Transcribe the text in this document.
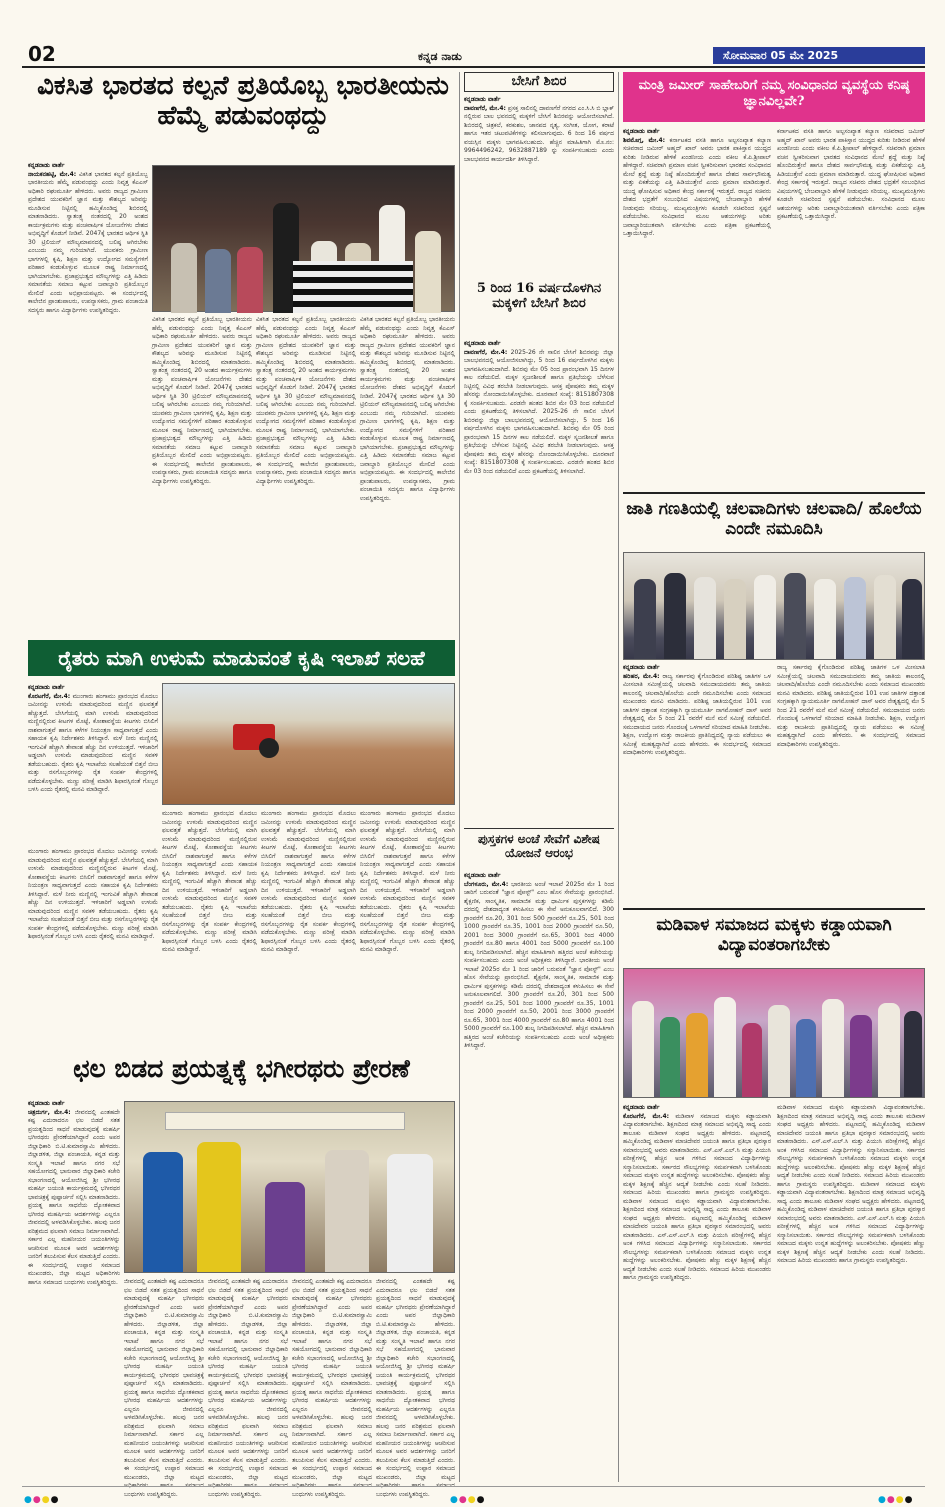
02	ಕನ್ನಡ ನಾಡು	ಸೋಮವಾರ 05 ಮೇ 2025
ವಿಕಸಿತ ಭಾರತದ ಕಲ್ಪನೆ ಪ್ರತಿಯೊಬ್ಬ ಭಾರತೀಯನು ಹೆಮ್ಮೆ ಪಡುವಂಥದ್ದು
ಕನ್ನಡನಾಡು ವಾರ್ತೆ
ನಾಯಕನಹಟ್ಟಿ, ಮೇ.4: ವಿಕಸಿತ ಭಾರತದ ಕಲ್ಪನೆ ಪ್ರತಿಯೊಬ್ಬ ಭಾರತೀಯನು ಹೆಮ್ಮೆ ಪಡುವಂಥದ್ದು ಎಂದು ನಿವೃತ್ತ ಕೆಎಎಸ್ ಅಧಿಕಾರಿ ರಘುಮೂರ್ತಿ ಹೇಳಿದರು. ಅವರು ರಾಜ್ಯದ ಗ್ರಾಮೀಣ ಪ್ರದೇಶದ ಯುವಕರಿಗೆ ಜ್ಞಾನ ಮತ್ತು ಕೌಶಲ್ಯದ ಅರಿವನ್ನು ಮೂಡಿಸುವ ನಿಟ್ಟಿನಲ್ಲಿ ಹಮ್ಮಿಕೊಂಡಿದ್ದ ಶಿಬಿರದಲ್ಲಿ ಮಾತನಾಡಿದರು. ಸ್ವಾತಂತ್ರ್ಯ ನಂತರದಲ್ಲಿ 20 ಅಂಶದ ಕಾರ್ಯಕ್ರಮಗಳು ಮತ್ತು ಪಂಚವಾರ್ಷಿಕ ಯೋಜನೆಗಳು ದೇಶದ ಅಭಿವೃದ್ಧಿಗೆ ಕೊಡುಗೆ ನೀಡಿವೆ. 2047ಕ್ಕೆ ಭಾರತದ ಆರ್ಥಿಕ ಸ್ಥಿತಿ 30 ಟ್ರಿಲಿಯನ್ ಮೌಲ್ಯಮಾಪನದಲ್ಲಿ ಬಲಿಷ್ಠ ಆಗಿರಬೇಕು ಎಂಬುದು ನಮ್ಮ ಗುರಿಯಾಗಿದೆ. ಯುವಕರು ಗ್ರಾಮೀಣ ಭಾಗಗಳಲ್ಲಿ ಕೃಷಿ, ಶಿಕ್ಷಣ ಮತ್ತು ಉದ್ಯೋಗದ ಸಮಸ್ಯೆಗಳಿಗೆ ಪರಿಹಾರ ಕಂಡುಕೊಳ್ಳುವ ಮೂಲಕ ರಾಷ್ಟ್ರ ನಿರ್ಮಾಣದಲ್ಲಿ ಭಾಗಿಯಾಗಬೇಕು. ಪ್ರಜಾಪ್ರಭುತ್ವದ ಮೌಲ್ಯಗಳನ್ನು ಎತ್ತಿ ಹಿಡಿದು ಸಮಾನತೆಯ ಸಮಾಜ ಕಟ್ಟುವ ಜವಾಬ್ದಾರಿ ಪ್ರತಿಯೊಬ್ಬರ ಮೇಲಿದೆ ಎಂದು ಅಭಿಪ್ರಾಯಪಟ್ಟರು. ಈ ಸಂದರ್ಭದಲ್ಲಿ ಕಾಲೇಜಿನ ಪ್ರಾಂಶುಪಾಲರು, ಉಪನ್ಯಾಸಕರು, ಗ್ರಾಮ ಪಂಚಾಯಿತಿ ಸದಸ್ಯರು ಹಾಗೂ ವಿದ್ಯಾರ್ಥಿಗಳು ಉಪಸ್ಥಿತರಿದ್ದರು.
ವಿಕಸಿತ ಭಾರತದ ಕಲ್ಪನೆ ಪ್ರತಿಯೊಬ್ಬ ಭಾರತೀಯನು ಹೆಮ್ಮೆ ಪಡುವಂಥದ್ದು ಎಂದು ನಿವೃತ್ತ ಕೆಎಎಸ್ ಅಧಿಕಾರಿ ರಘುಮೂರ್ತಿ ಹೇಳಿದರು. ಅವರು ರಾಜ್ಯದ ಗ್ರಾಮೀಣ ಪ್ರದೇಶದ ಯುವಕರಿಗೆ ಜ್ಞಾನ ಮತ್ತು ಕೌಶಲ್ಯದ ಅರಿವನ್ನು ಮೂಡಿಸುವ ನಿಟ್ಟಿನಲ್ಲಿ ಹಮ್ಮಿಕೊಂಡಿದ್ದ ಶಿಬಿರದಲ್ಲಿ ಮಾತನಾಡಿದರು. ಸ್ವಾತಂತ್ರ್ಯ ನಂತರದಲ್ಲಿ 20 ಅಂಶದ ಕಾರ್ಯಕ್ರಮಗಳು ಮತ್ತು ಪಂಚವಾರ್ಷಿಕ ಯೋಜನೆಗಳು ದೇಶದ ಅಭಿವೃದ್ಧಿಗೆ ಕೊಡುಗೆ ನೀಡಿವೆ. 2047ಕ್ಕೆ ಭಾರತದ ಆರ್ಥಿಕ ಸ್ಥಿತಿ 30 ಟ್ರಿಲಿಯನ್ ಮೌಲ್ಯಮಾಪನದಲ್ಲಿ ಬಲಿಷ್ಠ ಆಗಿರಬೇಕು ಎಂಬುದು ನಮ್ಮ ಗುರಿಯಾಗಿದೆ. ಯುವಕರು ಗ್ರಾಮೀಣ ಭಾಗಗಳಲ್ಲಿ ಕೃಷಿ, ಶಿಕ್ಷಣ ಮತ್ತು ಉದ್ಯೋಗದ ಸಮಸ್ಯೆಗಳಿಗೆ ಪರಿಹಾರ ಕಂಡುಕೊಳ್ಳುವ ಮೂಲಕ ರಾಷ್ಟ್ರ ನಿರ್ಮಾಣದಲ್ಲಿ ಭಾಗಿಯಾಗಬೇಕು. ಪ್ರಜಾಪ್ರಭುತ್ವದ ಮೌಲ್ಯಗಳನ್ನು ಎತ್ತಿ ಹಿಡಿದು ಸಮಾನತೆಯ ಸಮಾಜ ಕಟ್ಟುವ ಜವಾಬ್ದಾರಿ ಪ್ರತಿಯೊಬ್ಬರ ಮೇಲಿದೆ ಎಂದು ಅಭಿಪ್ರಾಯಪಟ್ಟರು. ಈ ಸಂದರ್ಭದಲ್ಲಿ ಕಾಲೇಜಿನ ಪ್ರಾಂಶುಪಾಲರು, ಉಪನ್ಯಾಸಕರು, ಗ್ರಾಮ ಪಂಚಾಯಿತಿ ಸದಸ್ಯರು ಹಾಗೂ ವಿದ್ಯಾರ್ಥಿಗಳು ಉಪಸ್ಥಿತರಿದ್ದರು.
ವಿಕಸಿತ ಭಾರತದ ಕಲ್ಪನೆ ಪ್ರತಿಯೊಬ್ಬ ಭಾರತೀಯನು ಹೆಮ್ಮೆ ಪಡುವಂಥದ್ದು ಎಂದು ನಿವೃತ್ತ ಕೆಎಎಸ್ ಅಧಿಕಾರಿ ರಘುಮೂರ್ತಿ ಹೇಳಿದರು. ಅವರು ರಾಜ್ಯದ ಗ್ರಾಮೀಣ ಪ್ರದೇಶದ ಯುವಕರಿಗೆ ಜ್ಞಾನ ಮತ್ತು ಕೌಶಲ್ಯದ ಅರಿವನ್ನು ಮೂಡಿಸುವ ನಿಟ್ಟಿನಲ್ಲಿ ಹಮ್ಮಿಕೊಂಡಿದ್ದ ಶಿಬಿರದಲ್ಲಿ ಮಾತನಾಡಿದರು. ಸ್ವಾತಂತ್ರ್ಯ ನಂತರದಲ್ಲಿ 20 ಅಂಶದ ಕಾರ್ಯಕ್ರಮಗಳು ಮತ್ತು ಪಂಚವಾರ್ಷಿಕ ಯೋಜನೆಗಳು ದೇಶದ ಅಭಿವೃದ್ಧಿಗೆ ಕೊಡುಗೆ ನೀಡಿವೆ. 2047ಕ್ಕೆ ಭಾರತದ ಆರ್ಥಿಕ ಸ್ಥಿತಿ 30 ಟ್ರಿಲಿಯನ್ ಮೌಲ್ಯಮಾಪನದಲ್ಲಿ ಬಲಿಷ್ಠ ಆಗಿರಬೇಕು ಎಂಬುದು ನಮ್ಮ ಗುರಿಯಾಗಿದೆ. ಯುವಕರು ಗ್ರಾಮೀಣ ಭಾಗಗಳಲ್ಲಿ ಕೃಷಿ, ಶಿಕ್ಷಣ ಮತ್ತು ಉದ್ಯೋಗದ ಸಮಸ್ಯೆಗಳಿಗೆ ಪರಿಹಾರ ಕಂಡುಕೊಳ್ಳುವ ಮೂಲಕ ರಾಷ್ಟ್ರ ನಿರ್ಮಾಣದಲ್ಲಿ ಭಾಗಿಯಾಗಬೇಕು. ಪ್ರಜಾಪ್ರಭುತ್ವದ ಮೌಲ್ಯಗಳನ್ನು ಎತ್ತಿ ಹಿಡಿದು ಸಮಾನತೆಯ ಸಮಾಜ ಕಟ್ಟುವ ಜವಾಬ್ದಾರಿ ಪ್ರತಿಯೊಬ್ಬರ ಮೇಲಿದೆ ಎಂದು ಅಭಿಪ್ರಾಯಪಟ್ಟರು. ಈ ಸಂದರ್ಭದಲ್ಲಿ ಕಾಲೇಜಿನ ಪ್ರಾಂಶುಪಾಲರು, ಉಪನ್ಯಾಸಕರು, ಗ್ರಾಮ ಪಂಚಾಯಿತಿ ಸದಸ್ಯರು ಹಾಗೂ ವಿದ್ಯಾರ್ಥಿಗಳು ಉಪಸ್ಥಿತರಿದ್ದರು.
ವಿಕಸಿತ ಭಾರತದ ಕಲ್ಪನೆ ಪ್ರತಿಯೊಬ್ಬ ಭಾರತೀಯನು ಹೆಮ್ಮೆ ಪಡುವಂಥದ್ದು ಎಂದು ನಿವೃತ್ತ ಕೆಎಎಸ್ ಅಧಿಕಾರಿ ರಘುಮೂರ್ತಿ ಹೇಳಿದರು. ಅವರು ರಾಜ್ಯದ ಗ್ರಾಮೀಣ ಪ್ರದೇಶದ ಯುವಕರಿಗೆ ಜ್ಞಾನ ಮತ್ತು ಕೌಶಲ್ಯದ ಅರಿವನ್ನು ಮೂಡಿಸುವ ನಿಟ್ಟಿನಲ್ಲಿ ಹಮ್ಮಿಕೊಂಡಿದ್ದ ಶಿಬಿರದಲ್ಲಿ ಮಾತನಾಡಿದರು. ಸ್ವಾತಂತ್ರ್ಯ ನಂತರದಲ್ಲಿ 20 ಅಂಶದ ಕಾರ್ಯಕ್ರಮಗಳು ಮತ್ತು ಪಂಚವಾರ್ಷಿಕ ಯೋಜನೆಗಳು ದೇಶದ ಅಭಿವೃದ್ಧಿಗೆ ಕೊಡುಗೆ ನೀಡಿವೆ. 2047ಕ್ಕೆ ಭಾರತದ ಆರ್ಥಿಕ ಸ್ಥಿತಿ 30 ಟ್ರಿಲಿಯನ್ ಮೌಲ್ಯಮಾಪನದಲ್ಲಿ ಬಲಿಷ್ಠ ಆಗಿರಬೇಕು ಎಂಬುದು ನಮ್ಮ ಗುರಿಯಾಗಿದೆ. ಯುವಕರು ಗ್ರಾಮೀಣ ಭಾಗಗಳಲ್ಲಿ ಕೃಷಿ, ಶಿಕ್ಷಣ ಮತ್ತು ಉದ್ಯೋಗದ ಸಮಸ್ಯೆಗಳಿಗೆ ಪರಿಹಾರ ಕಂಡುಕೊಳ್ಳುವ ಮೂಲಕ ರಾಷ್ಟ್ರ ನಿರ್ಮಾಣದಲ್ಲಿ ಭಾಗಿಯಾಗಬೇಕು. ಪ್ರಜಾಪ್ರಭುತ್ವದ ಮೌಲ್ಯಗಳನ್ನು ಎತ್ತಿ ಹಿಡಿದು ಸಮಾನತೆಯ ಸಮಾಜ ಕಟ್ಟುವ ಜವಾಬ್ದಾರಿ ಪ್ರತಿಯೊಬ್ಬರ ಮೇಲಿದೆ ಎಂದು ಅಭಿಪ್ರಾಯಪಟ್ಟರು. ಈ ಸಂದರ್ಭದಲ್ಲಿ ಕಾಲೇಜಿನ ಪ್ರಾಂಶುಪಾಲರು, ಉಪನ್ಯಾಸಕರು, ಗ್ರಾಮ ಪಂಚಾಯಿತಿ ಸದಸ್ಯರು ಹಾಗೂ ವಿದ್ಯಾರ್ಥಿಗಳು ಉಪಸ್ಥಿತರಿದ್ದರು.
ರೈತರು ಮಾಗಿ ಉಳುಮೆ ಮಾಡುವಂತೆ ಕೃಷಿ ಇಲಾಖೆ ಸಲಹೆ
ಕನ್ನಡನಾಡು ವಾರ್ತೆ
ಕೊರಟಗೆರೆ, ಮೇ.4: ಮುಂಗಾರು ಹಂಗಾಮು ಪ್ರಾರಂಭದ ಮೊದಲು ಜಮೀನನ್ನು ಉಳುಮೆ ಮಾಡುವುದರಿಂದ ಮಣ್ಣಿನ ಫಲವತ್ತತೆ ಹೆಚ್ಚುತ್ತದೆ. ಬೇಸಿಗೆಯಲ್ಲಿ ಮಾಗಿ ಉಳುಮೆ ಮಾಡುವುದರಿಂದ ಮಣ್ಣಿನಲ್ಲಿರುವ ಕೀಟಗಳ ಮೊಟ್ಟೆ, ಕೋಶಾವಸ್ಥೆಯ ಕೀಟಗಳು ಬಿಸಿಲಿಗೆ ನಾಶವಾಗುತ್ತವೆ ಹಾಗೂ ಕಳೆಗಳ ನಿಯಂತ್ರಣ ಸಾಧ್ಯವಾಗುತ್ತದೆ ಎಂದು ಸಹಾಯಕ ಕೃಷಿ ನಿರ್ದೇಶಕರು ತಿಳಿಸಿದ್ದಾರೆ. ಮಳೆ ನೀರು ಮಣ್ಣಿನಲ್ಲಿ ಇಂಗುವಿಕೆ ಹೆಚ್ಚಾಗಿ ತೇವಾಂಶ ಹೆಚ್ಚು ದಿನ ಉಳಿಯುತ್ತದೆ. ಇಳಿಜಾರಿಗೆ ಅಡ್ಡಲಾಗಿ ಉಳುಮೆ ಮಾಡುವುದರಿಂದ ಮಣ್ಣಿನ ಸವಕಳಿ ತಡೆಯಬಹುದು. ರೈತರು ಕೃಷಿ ಇಲಾಖೆಯ ಸಲಹೆಯಂತೆ ಬಿತ್ತನೆ ಬೀಜ ಮತ್ತು ರಸಗೊಬ್ಬರಗಳನ್ನು ರೈತ ಸಂಪರ್ಕ ಕೇಂದ್ರಗಳಲ್ಲಿ ಪಡೆದುಕೊಳ್ಳಬೇಕು. ಮಣ್ಣು ಪರೀಕ್ಷೆ ಮಾಡಿಸಿ ಶಿಫಾರಸ್ಸಿನಂತೆ ಗೊಬ್ಬರ ಬಳಸಿ ಎಂದು ರೈತರಲ್ಲಿ ಮನವಿ ಮಾಡಿದ್ದಾರೆ.
ಮುಂಗಾರು ಹಂಗಾಮು ಪ್ರಾರಂಭದ ಮೊದಲು ಜಮೀನನ್ನು ಉಳುಮೆ ಮಾಡುವುದರಿಂದ ಮಣ್ಣಿನ ಫಲವತ್ತತೆ ಹೆಚ್ಚುತ್ತದೆ. ಬೇಸಿಗೆಯಲ್ಲಿ ಮಾಗಿ ಉಳುಮೆ ಮಾಡುವುದರಿಂದ ಮಣ್ಣಿನಲ್ಲಿರುವ ಕೀಟಗಳ ಮೊಟ್ಟೆ, ಕೋಶಾವಸ್ಥೆಯ ಕೀಟಗಳು ಬಿಸಿಲಿಗೆ ನಾಶವಾಗುತ್ತವೆ ಹಾಗೂ ಕಳೆಗಳ ನಿಯಂತ್ರಣ ಸಾಧ್ಯವಾಗುತ್ತದೆ ಎಂದು ಸಹಾಯಕ ಕೃಷಿ ನಿರ್ದೇಶಕರು ತಿಳಿಸಿದ್ದಾರೆ. ಮಳೆ ನೀರು ಮಣ್ಣಿನಲ್ಲಿ ಇಂಗುವಿಕೆ ಹೆಚ್ಚಾಗಿ ತೇವಾಂಶ ಹೆಚ್ಚು ದಿನ ಉಳಿಯುತ್ತದೆ. ಇಳಿಜಾರಿಗೆ ಅಡ್ಡಲಾಗಿ ಉಳುಮೆ ಮಾಡುವುದರಿಂದ ಮಣ್ಣಿನ ಸವಕಳಿ ತಡೆಯಬಹುದು. ರೈತರು ಕೃಷಿ ಇಲಾಖೆಯ ಸಲಹೆಯಂತೆ ಬಿತ್ತನೆ ಬೀಜ ಮತ್ತು ರಸಗೊಬ್ಬರಗಳನ್ನು ರೈತ ಸಂಪರ್ಕ ಕೇಂದ್ರಗಳಲ್ಲಿ ಪಡೆದುಕೊಳ್ಳಬೇಕು. ಮಣ್ಣು ಪರೀಕ್ಷೆ ಮಾಡಿಸಿ ಶಿಫಾರಸ್ಸಿನಂತೆ ಗೊಬ್ಬರ ಬಳಸಿ ಎಂದು ರೈತರಲ್ಲಿ ಮನವಿ ಮಾಡಿದ್ದಾರೆ.
ಮುಂಗಾರು ಹಂಗಾಮು ಪ್ರಾರಂಭದ ಮೊದಲು ಜಮೀನನ್ನು ಉಳುಮೆ ಮಾಡುವುದರಿಂದ ಮಣ್ಣಿನ ಫಲವತ್ತತೆ ಹೆಚ್ಚುತ್ತದೆ. ಬೇಸಿಗೆಯಲ್ಲಿ ಮಾಗಿ ಉಳುಮೆ ಮಾಡುವುದರಿಂದ ಮಣ್ಣಿನಲ್ಲಿರುವ ಕೀಟಗಳ ಮೊಟ್ಟೆ, ಕೋಶಾವಸ್ಥೆಯ ಕೀಟಗಳು ಬಿಸಿಲಿಗೆ ನಾಶವಾಗುತ್ತವೆ ಹಾಗೂ ಕಳೆಗಳ ನಿಯಂತ್ರಣ ಸಾಧ್ಯವಾಗುತ್ತದೆ ಎಂದು ಸಹಾಯಕ ಕೃಷಿ ನಿರ್ದೇಶಕರು ತಿಳಿಸಿದ್ದಾರೆ. ಮಳೆ ನೀರು ಮಣ್ಣಿನಲ್ಲಿ ಇಂಗುವಿಕೆ ಹೆಚ್ಚಾಗಿ ತೇವಾಂಶ ಹೆಚ್ಚು ದಿನ ಉಳಿಯುತ್ತದೆ. ಇಳಿಜಾರಿಗೆ ಅಡ್ಡಲಾಗಿ ಉಳುಮೆ ಮಾಡುವುದರಿಂದ ಮಣ್ಣಿನ ಸವಕಳಿ ತಡೆಯಬಹುದು. ರೈತರು ಕೃಷಿ ಇಲಾಖೆಯ ಸಲಹೆಯಂತೆ ಬಿತ್ತನೆ ಬೀಜ ಮತ್ತು ರಸಗೊಬ್ಬರಗಳನ್ನು ರೈತ ಸಂಪರ್ಕ ಕೇಂದ್ರಗಳಲ್ಲಿ ಪಡೆದುಕೊಳ್ಳಬೇಕು. ಮಣ್ಣು ಪರೀಕ್ಷೆ ಮಾಡಿಸಿ ಶಿಫಾರಸ್ಸಿನಂತೆ ಗೊಬ್ಬರ ಬಳಸಿ ಎಂದು ರೈತರಲ್ಲಿ ಮನವಿ ಮಾಡಿದ್ದಾರೆ.
ಮುಂಗಾರು ಹಂಗಾಮು ಪ್ರಾರಂಭದ ಮೊದಲು ಜಮೀನನ್ನು ಉಳುಮೆ ಮಾಡುವುದರಿಂದ ಮಣ್ಣಿನ ಫಲವತ್ತತೆ ಹೆಚ್ಚುತ್ತದೆ. ಬೇಸಿಗೆಯಲ್ಲಿ ಮಾಗಿ ಉಳುಮೆ ಮಾಡುವುದರಿಂದ ಮಣ್ಣಿನಲ್ಲಿರುವ ಕೀಟಗಳ ಮೊಟ್ಟೆ, ಕೋಶಾವಸ್ಥೆಯ ಕೀಟಗಳು ಬಿಸಿಲಿಗೆ ನಾಶವಾಗುತ್ತವೆ ಹಾಗೂ ಕಳೆಗಳ ನಿಯಂತ್ರಣ ಸಾಧ್ಯವಾಗುತ್ತದೆ ಎಂದು ಸಹಾಯಕ ಕೃಷಿ ನಿರ್ದೇಶಕರು ತಿಳಿಸಿದ್ದಾರೆ. ಮಳೆ ನೀರು ಮಣ್ಣಿನಲ್ಲಿ ಇಂಗುವಿಕೆ ಹೆಚ್ಚಾಗಿ ತೇವಾಂಶ ಹೆಚ್ಚು ದಿನ ಉಳಿಯುತ್ತದೆ. ಇಳಿಜಾರಿಗೆ ಅಡ್ಡಲಾಗಿ ಉಳುಮೆ ಮಾಡುವುದರಿಂದ ಮಣ್ಣಿನ ಸವಕಳಿ ತಡೆಯಬಹುದು. ರೈತರು ಕೃಷಿ ಇಲಾಖೆಯ ಸಲಹೆಯಂತೆ ಬಿತ್ತನೆ ಬೀಜ ಮತ್ತು ರಸಗೊಬ್ಬರಗಳನ್ನು ರೈತ ಸಂಪರ್ಕ ಕೇಂದ್ರಗಳಲ್ಲಿ ಪಡೆದುಕೊಳ್ಳಬೇಕು. ಮಣ್ಣು ಪರೀಕ್ಷೆ ಮಾಡಿಸಿ ಶಿಫಾರಸ್ಸಿನಂತೆ ಗೊಬ್ಬರ ಬಳಸಿ ಎಂದು ರೈತರಲ್ಲಿ ಮನವಿ ಮಾಡಿದ್ದಾರೆ.
ಮುಂಗಾರು ಹಂಗಾಮು ಪ್ರಾರಂಭದ ಮೊದಲು ಜಮೀನನ್ನು ಉಳುಮೆ ಮಾಡುವುದರಿಂದ ಮಣ್ಣಿನ ಫಲವತ್ತತೆ ಹೆಚ್ಚುತ್ತದೆ. ಬೇಸಿಗೆಯಲ್ಲಿ ಮಾಗಿ ಉಳುಮೆ ಮಾಡುವುದರಿಂದ ಮಣ್ಣಿನಲ್ಲಿರುವ ಕೀಟಗಳ ಮೊಟ್ಟೆ, ಕೋಶಾವಸ್ಥೆಯ ಕೀಟಗಳು ಬಿಸಿಲಿಗೆ ನಾಶವಾಗುತ್ತವೆ ಹಾಗೂ ಕಳೆಗಳ ನಿಯಂತ್ರಣ ಸಾಧ್ಯವಾಗುತ್ತದೆ ಎಂದು ಸಹಾಯಕ ಕೃಷಿ ನಿರ್ದೇಶಕರು ತಿಳಿಸಿದ್ದಾರೆ. ಮಳೆ ನೀರು ಮಣ್ಣಿನಲ್ಲಿ ಇಂಗುವಿಕೆ ಹೆಚ್ಚಾಗಿ ತೇವಾಂಶ ಹೆಚ್ಚು ದಿನ ಉಳಿಯುತ್ತದೆ. ಇಳಿಜಾರಿಗೆ ಅಡ್ಡಲಾಗಿ ಉಳುಮೆ ಮಾಡುವುದರಿಂದ ಮಣ್ಣಿನ ಸವಕಳಿ ತಡೆಯಬಹುದು. ರೈತರು ಕೃಷಿ ಇಲಾಖೆಯ ಸಲಹೆಯಂತೆ ಬಿತ್ತನೆ ಬೀಜ ಮತ್ತು ರಸಗೊಬ್ಬರಗಳನ್ನು ರೈತ ಸಂಪರ್ಕ ಕೇಂದ್ರಗಳಲ್ಲಿ ಪಡೆದುಕೊಳ್ಳಬೇಕು. ಮಣ್ಣು ಪರೀಕ್ಷೆ ಮಾಡಿಸಿ ಶಿಫಾರಸ್ಸಿನಂತೆ ಗೊಬ್ಬರ ಬಳಸಿ ಎಂದು ರೈತರಲ್ಲಿ ಮನವಿ ಮಾಡಿದ್ದಾರೆ.
ಛಲ ಬಿಡದ ಪ್ರಯತ್ನಕ್ಕೆ ಭಗೀರಥರು ಪ್ರೇರಣೆ
ಕನ್ನಡನಾಡು ವಾರ್ತೆ
ಚಿತ್ರದುರ್ಗ, ಮೇ.4: ಜೀವನದಲ್ಲಿ ಎಂತಹದೇ ಕಷ್ಟ ಎದುರಾದರೂ ಛಲ ಬಿಡದೆ ಸತತ ಪ್ರಯತ್ನದಿಂದ ಸಾಧನೆ ಮಾಡುವುದಕ್ಕೆ ಮಹರ್ಷಿ ಭಗೀರಥರು ಪ್ರೇರಣೆಯಾಗಿದ್ದಾರೆ ಎಂದು ಅಪರ ಜಿಲ್ಲಾಧಿಕಾರಿ ಬಿ.ಟಿ.ಕುಮಾರಸ್ವಾಮಿ ಹೇಳಿದರು. ಜಿಲ್ಲಾಡಳಿತ, ಜಿಲ್ಲಾ ಪಂಚಾಯತಿ, ಕನ್ನಡ ಮತ್ತು ಸಂಸ್ಕೃತಿ ಇಲಾಖೆ ಹಾಗೂ ನಗರ ಸಭೆ ಸಹಯೋಗದಲ್ಲಿ ಭಾನುವಾರ ಜಿಲ್ಲಾಧಿಕಾರಿ ಕಚೇರಿ ಸಭಾಂಗಣದಲ್ಲಿ ಆಯೋಜಿಸಿದ್ದ ಶ್ರೀ ಭಗೀರಥ ಮಹರ್ಷಿ ಜಯಂತಿ ಕಾರ್ಯಕ್ರಮದಲ್ಲಿ ಭಗೀರಥರ ಭಾವಚಿತ್ರಕ್ಕೆ ಪುಷ್ಪಾರ್ಚನೆ ಸಲ್ಲಿಸಿ ಮಾತನಾಡಿದರು. ಪ್ರಯತ್ನ ಹಾಗೂ ಸಾಧನೆಯ ದ್ಯೋತಕವಾದ ಭಗೀರಥ ಮಹರ್ಷಿಯ ಆದರ್ಶಗಳನ್ನು ಎಲ್ಲರೂ ಜೀವನದಲ್ಲಿ ಅಳವಡಿಸಿಕೊಳ್ಳಬೇಕು. ಹಲವು ಜನರ ಪರಿಶ್ರಮದ ಫಲವಾಗಿ ಸಮಾಜ ನಿರ್ಮಾಣವಾಗಿದೆ. ಸರ್ಕಾರ ಎಲ್ಲ ಮಹನೀಯರ ಜಯಂತಿಗಳನ್ನು ಆಚರಿಸುವ ಮೂಲಕ ಅವರ ಆದರ್ಶಗಳನ್ನು ಜನರಿಗೆ ತಲುಪಿಸುವ ಕೆಲಸ ಮಾಡುತ್ತಿದೆ ಎಂದರು. ಈ ಸಂದರ್ಭದಲ್ಲಿ ಉಪ್ಪಾರ ಸಮಾಜದ ಮುಖಂಡರು, ಜಿಲ್ಲಾ ಮಟ್ಟದ ಅಧಿಕಾರಿಗಳು ಹಾಗೂ ಸಮಾಜದ ಬಂಧುಗಳು ಉಪಸ್ಥಿತರಿದ್ದರು.	ಜೀವನದಲ್ಲಿ ಎಂತಹದೇ ಕಷ್ಟ ಎದುರಾದರೂ ಛಲ ಬಿಡದೆ ಸತತ ಪ್ರಯತ್ನದಿಂದ ಸಾಧನೆ ಮಾಡುವುದಕ್ಕೆ ಮಹರ್ಷಿ ಭಗೀರಥರು ಪ್ರೇರಣೆಯಾಗಿದ್ದಾರೆ ಎಂದು ಅಪರ ಜಿಲ್ಲಾಧಿಕಾರಿ ಬಿ.ಟಿ.ಕುಮಾರಸ್ವಾಮಿ ಹೇಳಿದರು. ಜಿಲ್ಲಾಡಳಿತ, ಜಿಲ್ಲಾ ಪಂಚಾಯತಿ, ಕನ್ನಡ ಮತ್ತು ಸಂಸ್ಕೃತಿ ಇಲಾಖೆ ಹಾಗೂ ನಗರ ಸಭೆ ಸಹಯೋಗದಲ್ಲಿ ಭಾನುವಾರ ಜಿಲ್ಲಾಧಿಕಾರಿ ಕಚೇರಿ ಸಭಾಂಗಣದಲ್ಲಿ ಆಯೋಜಿಸಿದ್ದ ಶ್ರೀ ಭಗೀರಥ ಮಹರ್ಷಿ ಜಯಂತಿ ಕಾರ್ಯಕ್ರಮದಲ್ಲಿ ಭಗೀರಥರ ಭಾವಚಿತ್ರಕ್ಕೆ ಪುಷ್ಪಾರ್ಚನೆ ಸಲ್ಲಿಸಿ ಮಾತನಾಡಿದರು. ಪ್ರಯತ್ನ ಹಾಗೂ ಸಾಧನೆಯ ದ್ಯೋತಕವಾದ ಭಗೀರಥ ಮಹರ್ಷಿಯ ಆದರ್ಶಗಳನ್ನು ಎಲ್ಲರೂ ಜೀವನದಲ್ಲಿ ಅಳವಡಿಸಿಕೊಳ್ಳಬೇಕು. ಹಲವು ಜನರ ಪರಿಶ್ರಮದ ಫಲವಾಗಿ ಸಮಾಜ ನಿರ್ಮಾಣವಾಗಿದೆ. ಸರ್ಕಾರ ಎಲ್ಲ ಮಹನೀಯರ ಜಯಂತಿಗಳನ್ನು ಆಚರಿಸುವ ಮೂಲಕ ಅವರ ಆದರ್ಶಗಳನ್ನು ಜನರಿಗೆ ತಲುಪಿಸುವ ಕೆಲಸ ಮಾಡುತ್ತಿದೆ ಎಂದರು. ಈ ಸಂದರ್ಭದಲ್ಲಿ ಉಪ್ಪಾರ ಸಮಾಜದ ಮುಖಂಡರು, ಜಿಲ್ಲಾ ಮಟ್ಟದ ಬಂಧುಗಳು ಉಪಸ್ಥಿತರಿದ್ದರು.
ಜೀವನದಲ್ಲಿ ಎಂತಹದೇ ಕಷ್ಟ ಎದುರಾದರೂ ಛಲ ಬಿಡದೆ ಸತತ ಪ್ರಯತ್ನದಿಂದ ಸಾಧನೆ ಮಾಡುವುದಕ್ಕೆ ಮಹರ್ಷಿ ಭಗೀರಥರು ಪ್ರೇರಣೆಯಾಗಿದ್ದಾರೆ ಎಂದು ಅಪರ ಜಿಲ್ಲಾಧಿಕಾರಿ ಬಿ.ಟಿ.ಕುಮಾರಸ್ವಾಮಿ ಹೇಳಿದರು. ಜಿಲ್ಲಾಡಳಿತ, ಜಿಲ್ಲಾ ಪಂಚಾಯತಿ, ಕನ್ನಡ ಮತ್ತು ಸಂಸ್ಕೃತಿ ಇಲಾಖೆ ಹಾಗೂ ನಗರ ಸಭೆ ಸಹಯೋಗದಲ್ಲಿ ಭಾನುವಾರ ಜಿಲ್ಲಾಧಿಕಾರಿ ಕಚೇರಿ ಸಭಾಂಗಣದಲ್ಲಿ ಆಯೋಜಿಸಿದ್ದ ಶ್ರೀ ಭಗೀರಥ ಮಹರ್ಷಿ ಜಯಂತಿ ಕಾರ್ಯಕ್ರಮದಲ್ಲಿ ಭಗೀರಥರ ಭಾವಚಿತ್ರಕ್ಕೆ ಪುಷ್ಪಾರ್ಚನೆ ಸಲ್ಲಿಸಿ ಮಾತನಾಡಿದರು. ಪ್ರಯತ್ನ ಹಾಗೂ ಸಾಧನೆಯ ದ್ಯೋತಕವಾದ ಭಗೀರಥ ಮಹರ್ಷಿಯ ಆದರ್ಶಗಳನ್ನು ಎಲ್ಲರೂ ಜೀವನದಲ್ಲಿ ಅಳವಡಿಸಿಕೊಳ್ಳಬೇಕು. ಹಲವು ಜನರ ಪರಿಶ್ರಮದ ಫಲವಾಗಿ ಸಮಾಜ ನಿರ್ಮಾಣವಾಗಿದೆ. ಸರ್ಕಾರ ಎಲ್ಲ ಮಹನೀಯರ ಜಯಂತಿಗಳನ್ನು ಆಚರಿಸುವ ಮೂಲಕ ಅವರ ಆದರ್ಶಗಳನ್ನು ಜನರಿಗೆ ತಲುಪಿಸುವ ಕೆಲಸ ಮಾಡುತ್ತಿದೆ ಎಂದರು. ಈ ಸಂದರ್ಭದಲ್ಲಿ ಉಪ್ಪಾರ ಸಮಾಜದ ಮುಖಂಡರು, ಜಿಲ್ಲಾ ಮಟ್ಟದ ಬಂಧುಗಳು ಉಪಸ್ಥಿತರಿದ್ದರು.
ಜೀವನದಲ್ಲಿ ಎಂತಹದೇ ಕಷ್ಟ ಎದುರಾದರೂ ಛಲ ಬಿಡದೆ ಸತತ ಪ್ರಯತ್ನದಿಂದ ಸಾಧನೆ ಮಾಡುವುದಕ್ಕೆ ಮಹರ್ಷಿ ಭಗೀರಥರು ಪ್ರೇರಣೆಯಾಗಿದ್ದಾರೆ ಎಂದು ಅಪರ ಜಿಲ್ಲಾಧಿಕಾರಿ ಬಿ.ಟಿ.ಕುಮಾರಸ್ವಾಮಿ ಹೇಳಿದರು. ಜಿಲ್ಲಾಡಳಿತ, ಜಿಲ್ಲಾ ಪಂಚಾಯತಿ, ಕನ್ನಡ ಮತ್ತು ಸಂಸ್ಕೃತಿ ಇಲಾಖೆ ಹಾಗೂ ನಗರ ಸಭೆ ಸಹಯೋಗದಲ್ಲಿ ಭಾನುವಾರ ಜಿಲ್ಲಾಧಿಕಾರಿ ಕಚೇರಿ ಸಭಾಂಗಣದಲ್ಲಿ ಆಯೋಜಿಸಿದ್ದ ಶ್ರೀ ಭಗೀರಥ ಮಹರ್ಷಿ ಜಯಂತಿ ಕಾರ್ಯಕ್ರಮದಲ್ಲಿ ಭಗೀರಥರ ಭಾವಚಿತ್ರಕ್ಕೆ ಪುಷ್ಪಾರ್ಚನೆ ಸಲ್ಲಿಸಿ ಮಾತನಾಡಿದರು. ಪ್ರಯತ್ನ ಹಾಗೂ ಸಾಧನೆಯ ದ್ಯೋತಕವಾದ ಭಗೀರಥ ಮಹರ್ಷಿಯ ಆದರ್ಶಗಳನ್ನು ಎಲ್ಲರೂ ಜೀವನದಲ್ಲಿ ಅಳವಡಿಸಿಕೊಳ್ಳಬೇಕು. ಹಲವು ಜನರ ಪರಿಶ್ರಮದ ಫಲವಾಗಿ ಸಮಾಜ ನಿರ್ಮಾಣವಾಗಿದೆ. ಸರ್ಕಾರ ಎಲ್ಲ ಮಹನೀಯರ ಜಯಂತಿಗಳನ್ನು ಆಚರಿಸುವ ಮೂಲಕ ಅವರ ಆದರ್ಶಗಳನ್ನು ಜನರಿಗೆ ತಲುಪಿಸುವ ಕೆಲಸ ಮಾಡುತ್ತಿದೆ ಎಂದರು. ಈ ಸಂದರ್ಭದಲ್ಲಿ ಉಪ್ಪಾರ ಸಮಾಜದ ಮುಖಂಡರು, ಜಿಲ್ಲಾ ಮಟ್ಟದ ಬಂಧುಗಳು ಉಪಸ್ಥಿತರಿದ್ದರು.
ಜೀವನದಲ್ಲಿ ಎಂತಹದೇ ಕಷ್ಟ ಎದುರಾದರೂ ಛಲ ಬಿಡದೆ ಸತತ ಪ್ರಯತ್ನದಿಂದ ಸಾಧನೆ ಮಾಡುವುದಕ್ಕೆ ಮಹರ್ಷಿ ಭಗೀರಥರು ಪ್ರೇರಣೆಯಾಗಿದ್ದಾರೆ ಎಂದು ಅಪರ ಜಿಲ್ಲಾಧಿಕಾರಿ ಬಿ.ಟಿ.ಕುಮಾರಸ್ವಾಮಿ ಹೇಳಿದರು. ಜಿಲ್ಲಾಡಳಿತ, ಜಿಲ್ಲಾ ಪಂಚಾಯತಿ, ಕನ್ನಡ ಮತ್ತು ಸಂಸ್ಕೃತಿ ಇಲಾಖೆ ಹಾಗೂ ನಗರ ಸಭೆ ಸಹಯೋಗದಲ್ಲಿ ಭಾನುವಾರ ಜಿಲ್ಲಾಧಿಕಾರಿ ಕಚೇರಿ ಸಭಾಂಗಣದಲ್ಲಿ ಆಯೋಜಿಸಿದ್ದ ಶ್ರೀ ಭಗೀರಥ ಮಹರ್ಷಿ ಜಯಂತಿ ಕಾರ್ಯಕ್ರಮದಲ್ಲಿ ಭಗೀರಥರ ಭಾವಚಿತ್ರಕ್ಕೆ ಪುಷ್ಪಾರ್ಚನೆ ಸಲ್ಲಿಸಿ ಮಾತನಾಡಿದರು. ಪ್ರಯತ್ನ ಹಾಗೂ ಸಾಧನೆಯ ದ್ಯೋತಕವಾದ ಭಗೀರಥ ಮಹರ್ಷಿಯ ಆದರ್ಶಗಳನ್ನು ಎಲ್ಲರೂ ಜೀವನದಲ್ಲಿ ಅಳವಡಿಸಿಕೊಳ್ಳಬೇಕು. ಹಲವು ಜನರ ಪರಿಶ್ರಮದ ಫಲವಾಗಿ ಸಮಾಜ ನಿರ್ಮಾಣವಾಗಿದೆ. ಸರ್ಕಾರ ಎಲ್ಲ ಮಹನೀಯರ ಜಯಂತಿಗಳನ್ನು ಆಚರಿಸುವ ಮೂಲಕ ಅವರ ಆದರ್ಶಗಳನ್ನು ಜನರಿಗೆ ತಲುಪಿಸುವ ಕೆಲಸ ಮಾಡುತ್ತಿದೆ ಎಂದರು. ಈ ಸಂದರ್ಭದಲ್ಲಿ ಉಪ್ಪಾರ ಸಮಾಜದ ಮುಖಂಡರು, ಜಿಲ್ಲಾ ಮಟ್ಟದ ಬಂಧುಗಳು ಉಪಸ್ಥಿತರಿದ್ದರು.
ಬೇಸಿಗೆ ಶಿಬಿರ
ಕನ್ನಡನಾಡು ವಾರ್ತೆ
ದಾವಣಗೆರೆ, ಮೇ.4: ಪ್ರಸಕ್ತ ಸಾಲಿನಲ್ಲಿ ದಾವಣಗೆರೆ ನಗರದ ಎಂ.ಸಿ.ಸಿ ಬಿ ಬ್ಲಾಕ್ ನಲ್ಲಿರುವ ಬಾಲ ಭವನದಲ್ಲಿ ಮಕ್ಕಳಿಗೆ ಬೇಸಿಗೆ ಶಿಬಿರವನ್ನು ಆಯೋಜಿಸಲಾಗಿದೆ. ಶಿಬಿರದಲ್ಲಿ ಚಿತ್ರಕಲೆ, ಕರಕುಶಲ, ಜಾನಪದ ನೃತ್ಯ, ಸಂಗೀತ, ಯೋಗ, ಕರಾಟೆ ಹಾಗೂ ಇತರ ಚಟುವಟಿಕೆಗಳನ್ನು ಕಲಿಸಲಾಗುವುದು. 6 ರಿಂದ 16 ವರ್ಷದ ವಯಸ್ಸಿನ ಮಕ್ಕಳು ಭಾಗವಹಿಸಬಹುದು. ಹೆಚ್ಚಿನ ಮಾಹಿತಿಗಾಗಿ ಮೊ.ನಂ: 9964496242, 9632887189 ನ್ನು ಸಂಪರ್ಕಿಸಬಹುದು ಎಂದು ಬಾಲಭವನದ ಕಾರ್ಯದರ್ಶಿ ತಿಳಿಸಿದ್ದಾರೆ.
5 ರಿಂದ 16 ವರ್ಷದೊಳಗಿನ ಮಕ್ಕಳಿಗೆ ಬೇಸಿಗೆ ಶಿಬಿರ
ಕನ್ನಡನಾಡು ವಾರ್ತೆ
ದಾವಣಗೆರೆ, ಮೇ.4: 2025-26 ನೇ ಸಾಲಿನ ಬೇಸಿಗೆ ಶಿಬಿರವನ್ನು ಜಿಲ್ಲಾ ಬಾಲಭವನದಲ್ಲಿ ಆಯೋಜಿಸಲಾಗಿದ್ದು, 5 ರಿಂದ 16 ವರ್ಷದೊಳಗಿನ ಮಕ್ಕಳು ಭಾಗವಹಿಸಬಹುದಾಗಿದೆ. ಶಿಬಿರವು ಮೇ 05 ರಿಂದ ಪ್ರಾರಂಭವಾಗಿ 15 ದಿನಗಳ ಕಾಲ ನಡೆಯಲಿದೆ. ಮಕ್ಕಳ ಸೃಜನಶೀಲತೆ ಹಾಗೂ ಪ್ರತಿಭೆಯನ್ನು ಬೆಳೆಸುವ ನಿಟ್ಟಿನಲ್ಲಿ ವಿವಿಧ ತರಬೇತಿ ನೀಡಲಾಗುವುದು. ಆಸಕ್ತ ಪೋಷಕರು ತಮ್ಮ ಮಕ್ಕಳ ಹೆಸರನ್ನು ನೋಂದಾಯಿಸಿಕೊಳ್ಳಬೇಕು. ದೂರವಾಣಿ ಸಂಖ್ಯೆ: 8151807308 ಕ್ಕೆ ಸಂಪರ್ಕಿಸಬಹುದು. ಎರಡನೇ ಹಂತದ ಶಿಬಿರ ಮೇ 03 ರಿಂದ ನಡೆಯಲಿದೆ ಎಂದು ಪ್ರಕಟಣೆಯಲ್ಲಿ ತಿಳಿಸಲಾಗಿದೆ. 2025-26 ನೇ ಸಾಲಿನ ಬೇಸಿಗೆ ಶಿಬಿರವನ್ನು ಜಿಲ್ಲಾ ಬಾಲಭವನದಲ್ಲಿ ಆಯೋಜಿಸಲಾಗಿದ್ದು, 5 ರಿಂದ 16 ವರ್ಷದೊಳಗಿನ ಮಕ್ಕಳು ಭಾಗವಹಿಸಬಹುದಾಗಿದೆ. ಶಿಬಿರವು ಮೇ 05 ರಿಂದ ಪ್ರಾರಂಭವಾಗಿ 15 ದಿನಗಳ ಕಾಲ ನಡೆಯಲಿದೆ. ಮಕ್ಕಳ ಸೃಜನಶೀಲತೆ ಹಾಗೂ ಪ್ರತಿಭೆಯನ್ನು ಬೆಳೆಸುವ ನಿಟ್ಟಿನಲ್ಲಿ ವಿವಿಧ ತರಬೇತಿ ನೀಡಲಾಗುವುದು. ಆಸಕ್ತ ಪೋಷಕರು ತಮ್ಮ ಮಕ್ಕಳ ಹೆಸರನ್ನು ನೋಂದಾಯಿಸಿಕೊಳ್ಳಬೇಕು. ದೂರವಾಣಿ ಸಂಖ್ಯೆ: 8151807308 ಕ್ಕೆ ಸಂಪರ್ಕಿಸಬಹುದು. ಎರಡನೇ ಹಂತದ ಶಿಬಿರ ಮೇ 03 ರಿಂದ ನಡೆಯಲಿದೆ ಎಂದು ಪ್ರಕಟಣೆಯಲ್ಲಿ ತಿಳಿಸಲಾಗಿದೆ.
ಪುಸ್ತಕಗಳ ಅಂಚೆ ಸೇವೆಗೆ ವಿಶೇಷ ಯೋಜನೆ ಆರಂಭ
ಕನ್ನಡನಾಡು ವಾರ್ತೆ
ಬೆಂಗಳೂರು, ಮೇ.4: ಭಾರತೀಯ ಅಂಚೆ ಇಲಾಖೆ 2025ರ ಮೇ 1 ರಿಂದ ಜಾರಿಗೆ ಬರುವಂತೆ "ಜ್ಞಾನ ಪೋಸ್ಟ್" ಎಂಬ ಹೊಸ ಸೇವೆಯನ್ನು ಪ್ರಾರಂಭಿಸಿದೆ. ಶೈಕ್ಷಣಿಕ, ಸಾಂಸ್ಕೃತಿಕ, ಸಾಮಾಜಿಕ ಮತ್ತು ಧಾರ್ಮಿಕ ಪುಸ್ತಕಗಳನ್ನು ಕಡಿಮೆ ದರದಲ್ಲಿ ದೇಶದಾದ್ಯಂತ ಕಳುಹಿಸಲು ಈ ಸೇವೆ ಅನುಕೂಲವಾಗಲಿದೆ. 300 ಗ್ರಾಂವರೆಗೆ ರೂ.20, 301 ರಿಂದ 500 ಗ್ರಾಂವರೆಗೆ ರೂ.25, 501 ರಿಂದ 1000 ಗ್ರಾಂವರೆಗೆ ರೂ.35, 1001 ರಿಂದ 2000 ಗ್ರಾಂವರೆಗೆ ರೂ.50, 2001 ರಿಂದ 3000 ಗ್ರಾಂವರೆಗೆ ರೂ.65, 3001 ರಿಂದ 4000 ಗ್ರಾಂವರೆಗೆ ರೂ.80 ಹಾಗೂ 4001 ರಿಂದ 5000 ಗ್ರಾಂವರೆಗೆ ರೂ.100 ಶುಲ್ಕ ನಿಗದಿಪಡಿಸಲಾಗಿದೆ. ಹೆಚ್ಚಿನ ಮಾಹಿತಿಗಾಗಿ ಹತ್ತಿರದ ಅಂಚೆ ಕಚೇರಿಯನ್ನು ಸಂಪರ್ಕಿಸಬಹುದು ಎಂದು ಅಂಚೆ ಅಧೀಕ್ಷಕರು ತಿಳಿಸಿದ್ದಾರೆ. ಭಾರತೀಯ ಅಂಚೆ ಇಲಾಖೆ 2025ರ ಮೇ 1 ರಿಂದ ಜಾರಿಗೆ ಬರುವಂತೆ "ಜ್ಞಾನ ಪೋಸ್ಟ್" ಎಂಬ ಹೊಸ ಸೇವೆಯನ್ನು ಪ್ರಾರಂಭಿಸಿದೆ. ಶೈಕ್ಷಣಿಕ, ಸಾಂಸ್ಕೃತಿಕ, ಸಾಮಾಜಿಕ ಮತ್ತು ಧಾರ್ಮಿಕ ಪುಸ್ತಕಗಳನ್ನು ಕಡಿಮೆ ದರದಲ್ಲಿ ದೇಶದಾದ್ಯಂತ ಕಳುಹಿಸಲು ಈ ಸೇವೆ ಅನುಕೂಲವಾಗಲಿದೆ. 300 ಗ್ರಾಂವರೆಗೆ ರೂ.20, 301 ರಿಂದ 500 ಗ್ರಾಂವರೆಗೆ ರೂ.25, 501 ರಿಂದ 1000 ಗ್ರಾಂವರೆಗೆ ರೂ.35, 1001 ರಿಂದ 2000 ಗ್ರಾಂವರೆಗೆ ರೂ.50, 2001 ರಿಂದ 3000 ಗ್ರಾಂವರೆಗೆ ರೂ.65, 3001 ರಿಂದ 4000 ಗ್ರಾಂವರೆಗೆ ರೂ.80 ಹಾಗೂ 4001 ರಿಂದ 5000 ಗ್ರಾಂವರೆಗೆ ರೂ.100 ಶುಲ್ಕ ನಿಗದಿಪಡಿಸಲಾಗಿದೆ. ಹೆಚ್ಚಿನ ಮಾಹಿತಿಗಾಗಿ ಹತ್ತಿರದ ಅಂಚೆ ಕಚೇರಿಯನ್ನು ಸಂಪರ್ಕಿಸಬಹುದು ಎಂದು ಅಂಚೆ ಅಧೀಕ್ಷಕರು ತಿಳಿಸಿದ್ದಾರೆ.
ಮಂತ್ರಿ ಜಮೀರ್ ಸಾಹೇಬರಿಗೆ ನಮ್ಮ ಸಂವಿಧಾನದ ವ್ಯವಸ್ಥೆಯ ಕನಿಷ್ಠ ಜ್ಞಾನವಿಲ್ಲವೇ?
ಕನ್ನಡನಾಡು ವಾರ್ತೆ
ಶಿವಮೊಗ್ಗ, ಮೇ.4: ಕರ್ನಾಟಕದ ವಸತಿ ಹಾಗೂ ಅಲ್ಪಸಂಖ್ಯಾತ ಕಲ್ಯಾಣ ಸಚಿವರಾದ ಜಮೀರ್ ಅಹ್ಮದ್ ಖಾನ್ ಅವರು ಭಾರತ ಪಾಕಿಸ್ತಾನ ಯುದ್ಧದ ಕುರಿತು ನೀಡಿರುವ ಹೇಳಿಕೆ ಖಂಡನೀಯ ಎಂದು ವಕೀಲ ಕೆ.ಪಿ.ಶ್ರೀಪಾಲ್ ಹೇಳಿದ್ದಾರೆ. ಸಚಿವರಾಗಿ ಪ್ರಮಾಣ ವಚನ ಸ್ವೀಕರಿಸುವಾಗ ಭಾರತದ ಸಂವಿಧಾನದ ಮೇಲೆ ಶ್ರದ್ಧೆ ಮತ್ತು ನಿಷ್ಠೆ ಹೊಂದಿರುತ್ತೇನೆ ಹಾಗೂ ದೇಶದ ಸಾರ್ವಭೌಮತ್ವ ಮತ್ತು ಏಕತೆಯನ್ನು ಎತ್ತಿ ಹಿಡಿಯುತ್ತೇನೆ ಎಂದು ಪ್ರಮಾಣ ಮಾಡಿರುತ್ತಾರೆ. ಯುದ್ಧ ಘೋಷಿಸುವ ಅಧಿಕಾರ ಕೇಂದ್ರ ಸರ್ಕಾರಕ್ಕೆ ಇರುತ್ತದೆ. ರಾಜ್ಯದ ಸಚಿವರು ದೇಶದ ಭದ್ರತೆಗೆ ಸಂಬಂಧಿಸಿದ ವಿಷಯಗಳಲ್ಲಿ ಬೇಜವಾಬ್ದಾರಿ ಹೇಳಿಕೆ ನೀಡುವುದು ಸರಿಯಲ್ಲ. ಮುಖ್ಯಮಂತ್ರಿಗಳು ಕೂಡಲೇ ಸಚಿವರಿಂದ ಸ್ಪಷ್ಟನೆ ಪಡೆಯಬೇಕು. ಸಂವಿಧಾನದ ಮೂಲ ಆಶಯಗಳನ್ನು ಅರಿತು ಜವಾಬ್ದಾರಿಯುತವಾಗಿ ವರ್ತಿಸಬೇಕು ಎಂದು ಪತ್ರಿಕಾ ಪ್ರಕಟಣೆಯಲ್ಲಿ ಒತ್ತಾಯಿಸಿದ್ದಾರೆ.
ಕರ್ನಾಟಕದ ವಸತಿ ಹಾಗೂ ಅಲ್ಪಸಂಖ್ಯಾತ ಕಲ್ಯಾಣ ಸಚಿವರಾದ ಜಮೀರ್ ಅಹ್ಮದ್ ಖಾನ್ ಅವರು ಭಾರತ ಪಾಕಿಸ್ತಾನ ಯುದ್ಧದ ಕುರಿತು ನೀಡಿರುವ ಹೇಳಿಕೆ ಖಂಡನೀಯ ಎಂದು ವಕೀಲ ಕೆ.ಪಿ.ಶ್ರೀಪಾಲ್ ಹೇಳಿದ್ದಾರೆ. ಸಚಿವರಾಗಿ ಪ್ರಮಾಣ ವಚನ ಸ್ವೀಕರಿಸುವಾಗ ಭಾರತದ ಸಂವಿಧಾನದ ಮೇಲೆ ಶ್ರದ್ಧೆ ಮತ್ತು ನಿಷ್ಠೆ ಹೊಂದಿರುತ್ತೇನೆ ಹಾಗೂ ದೇಶದ ಸಾರ್ವಭೌಮತ್ವ ಮತ್ತು ಏಕತೆಯನ್ನು ಎತ್ತಿ ಹಿಡಿಯುತ್ತೇನೆ ಎಂದು ಪ್ರಮಾಣ ಮಾಡಿರುತ್ತಾರೆ. ಯುದ್ಧ ಘೋಷಿಸುವ ಅಧಿಕಾರ ಕೇಂದ್ರ ಸರ್ಕಾರಕ್ಕೆ ಇರುತ್ತದೆ. ರಾಜ್ಯದ ಸಚಿವರು ದೇಶದ ಭದ್ರತೆಗೆ ಸಂಬಂಧಿಸಿದ ವಿಷಯಗಳಲ್ಲಿ ಬೇಜವಾಬ್ದಾರಿ ಹೇಳಿಕೆ ನೀಡುವುದು ಸರಿಯಲ್ಲ. ಮುಖ್ಯಮಂತ್ರಿಗಳು ಕೂಡಲೇ ಸಚಿವರಿಂದ ಸ್ಪಷ್ಟನೆ ಪಡೆಯಬೇಕು. ಸಂವಿಧಾನದ ಮೂಲ ಆಶಯಗಳನ್ನು ಅರಿತು ಜವಾಬ್ದಾರಿಯುತವಾಗಿ ವರ್ತಿಸಬೇಕು ಎಂದು ಪತ್ರಿಕಾ ಪ್ರಕಟಣೆಯಲ್ಲಿ ಒತ್ತಾಯಿಸಿದ್ದಾರೆ.
ಜಾತಿ ಗಣತಿಯಲ್ಲಿ ಚಲವಾದಿಗಳು ಚಲವಾದಿ/ ಹೊಲೆಯ ಎಂದೇ ನಮೂದಿಸಿ
ಕನ್ನಡನಾಡು ವಾರ್ತೆ
ಹರಿಹರ, ಮೇ.4: ರಾಜ್ಯ ಸರ್ಕಾರವು ಕೈಗೊಂಡಿರುವ ಪರಿಶಿಷ್ಟ ಜಾತಿಗಳ ಒಳ ಮೀಸಲಾತಿ ಸಮೀಕ್ಷೆಯಲ್ಲಿ ಚಲವಾದಿ ಸಮುದಾಯದವರು ತಮ್ಮ ಜಾತಿಯ ಕಾಲಂನಲ್ಲಿ ಚಲವಾದಿ/ಹೊಲೆಯ ಎಂದೇ ನಮೂದಿಸಬೇಕು ಎಂದು ಸಮಾಜದ ಮುಖಂಡರು ಮನವಿ ಮಾಡಿದರು. ಪರಿಶಿಷ್ಟ ಜಾತಿಯಲ್ಲಿರುವ 101 ಉಪ ಜಾತಿಗಳ ದತ್ತಾಂಶ ಸಂಗ್ರಹಕ್ಕಾಗಿ ನ್ಯಾಯಮೂರ್ತಿ ನಾಗಮೋಹನ್ ದಾಸ್ ಅವರ ನೇತೃತ್ವದಲ್ಲಿ ಮೇ 5 ರಿಂದ 21 ರವರೆಗೆ ಮನೆ ಮನೆ ಸಮೀಕ್ಷೆ ನಡೆಯಲಿದೆ. ಸಮುದಾಯದ ಜನರು ಗೊಂದಲಕ್ಕೆ ಒಳಗಾಗದೆ ಸರಿಯಾದ ಮಾಹಿತಿ ನೀಡಬೇಕು. ಶಿಕ್ಷಣ, ಉದ್ಯೋಗ ಮತ್ತು ರಾಜಕೀಯ ಪ್ರಾತಿನಿಧ್ಯದಲ್ಲಿ ನ್ಯಾಯ ಪಡೆಯಲು ಈ ಸಮೀಕ್ಷೆ ಮಹತ್ವದ್ದಾಗಿದೆ ಎಂದು ಹೇಳಿದರು. ಈ ಸಂದರ್ಭದಲ್ಲಿ ಸಮಾಜದ ಪದಾಧಿಕಾರಿಗಳು ಉಪಸ್ಥಿತರಿದ್ದರು.
ರಾಜ್ಯ ಸರ್ಕಾರವು ಕೈಗೊಂಡಿರುವ ಪರಿಶಿಷ್ಟ ಜಾತಿಗಳ ಒಳ ಮೀಸಲಾತಿ ಸಮೀಕ್ಷೆಯಲ್ಲಿ ಚಲವಾದಿ ಸಮುದಾಯದವರು ತಮ್ಮ ಜಾತಿಯ ಕಾಲಂನಲ್ಲಿ ಚಲವಾದಿ/ಹೊಲೆಯ ಎಂದೇ ನಮೂದಿಸಬೇಕು ಎಂದು ಸಮಾಜದ ಮುಖಂಡರು ಮನವಿ ಮಾಡಿದರು. ಪರಿಶಿಷ್ಟ ಜಾತಿಯಲ್ಲಿರುವ 101 ಉಪ ಜಾತಿಗಳ ದತ್ತಾಂಶ ಸಂಗ್ರಹಕ್ಕಾಗಿ ನ್ಯಾಯಮೂರ್ತಿ ನಾಗಮೋಹನ್ ದಾಸ್ ಅವರ ನೇತೃತ್ವದಲ್ಲಿ ಮೇ 5 ರಿಂದ 21 ರವರೆಗೆ ಮನೆ ಮನೆ ಸಮೀಕ್ಷೆ ನಡೆಯಲಿದೆ. ಸಮುದಾಯದ ಜನರು ಗೊಂದಲಕ್ಕೆ ಒಳಗಾಗದೆ ಸರಿಯಾದ ಮಾಹಿತಿ ನೀಡಬೇಕು. ಶಿಕ್ಷಣ, ಉದ್ಯೋಗ ಮತ್ತು ರಾಜಕೀಯ ಪ್ರಾತಿನಿಧ್ಯದಲ್ಲಿ ನ್ಯಾಯ ಪಡೆಯಲು ಈ ಸಮೀಕ್ಷೆ ಮಹತ್ವದ್ದಾಗಿದೆ ಎಂದು ಹೇಳಿದರು. ಈ ಸಂದರ್ಭದಲ್ಲಿ ಸಮಾಜದ ಪದಾಧಿಕಾರಿಗಳು ಉಪಸ್ಥಿತರಿದ್ದರು.
ಮಡಿವಾಳ ಸಮಾಜದ ಮಕ್ಕಳು ಕಡ್ಡಾಯವಾಗಿ ವಿದ್ಯಾವಂತರಾಗಬೇಕು
ಕನ್ನಡನಾಡು ವಾರ್ತೆ
ಕೊರಟಗೆರೆ, ಮೇ.4: ಮಡಿವಾಳ ಸಮಾಜದ ಮಕ್ಕಳು ಕಡ್ಡಾಯವಾಗಿ ವಿದ್ಯಾವಂತರಾಗಬೇಕು. ಶಿಕ್ಷಣದಿಂದ ಮಾತ್ರ ಸಮಾಜದ ಅಭಿವೃದ್ಧಿ ಸಾಧ್ಯ ಎಂದು ತಾಲೂಕು ಮಡಿವಾಳ ಸಂಘದ ಅಧ್ಯಕ್ಷರು ಹೇಳಿದರು. ಪಟ್ಟಣದಲ್ಲಿ ಹಮ್ಮಿಕೊಂಡಿದ್ದ ಮಡಿವಾಳ ಮಾಚಿದೇವರ ಜಯಂತಿ ಹಾಗೂ ಪ್ರತಿಭಾ ಪುರಸ್ಕಾರ ಸಮಾರಂಭದಲ್ಲಿ ಅವರು ಮಾತನಾಡಿದರು. ಎಸ್.ಎಸ್.ಎಲ್.ಸಿ ಮತ್ತು ಪಿಯುಸಿ ಪರೀಕ್ಷೆಗಳಲ್ಲಿ ಹೆಚ್ಚಿನ ಅಂಕ ಗಳಿಸಿದ ಸಮಾಜದ ವಿದ್ಯಾರ್ಥಿಗಳನ್ನು ಸನ್ಮಾನಿಸಲಾಯಿತು. ಸರ್ಕಾರದ ಸೌಲಭ್ಯಗಳನ್ನು ಸಮರ್ಪಕವಾಗಿ ಬಳಸಿಕೊಂಡು ಸಮಾಜದ ಮಕ್ಕಳು ಉನ್ನತ ಹುದ್ದೆಗಳನ್ನು ಅಲಂಕರಿಸಬೇಕು. ಪೋಷಕರು ಹೆಣ್ಣು ಮಕ್ಕಳ ಶಿಕ್ಷಣಕ್ಕೆ ಹೆಚ್ಚಿನ ಆದ್ಯತೆ ನೀಡಬೇಕು ಎಂದು ಸಲಹೆ ನೀಡಿದರು. ಸಮಾಜದ ಹಿರಿಯ ಮುಖಂಡರು ಹಾಗೂ ಗ್ರಾಮಸ್ಥರು ಉಪಸ್ಥಿತರಿದ್ದರು. ಮಡಿವಾಳ ಸಮಾಜದ ಮಕ್ಕಳು ಕಡ್ಡಾಯವಾಗಿ ವಿದ್ಯಾವಂತರಾಗಬೇಕು. ಶಿಕ್ಷಣದಿಂದ ಮಾತ್ರ ಸಮಾಜದ ಅಭಿವೃದ್ಧಿ ಸಾಧ್ಯ ಎಂದು ತಾಲೂಕು ಮಡಿವಾಳ ಸಂಘದ ಅಧ್ಯಕ್ಷರು ಹೇಳಿದರು. ಪಟ್ಟಣದಲ್ಲಿ ಹಮ್ಮಿಕೊಂಡಿದ್ದ ಮಡಿವಾಳ ಮಾಚಿದೇವರ ಜಯಂತಿ ಹಾಗೂ ಪ್ರತಿಭಾ ಪುರಸ್ಕಾರ ಸಮಾರಂಭದಲ್ಲಿ ಅವರು ಮಾತನಾಡಿದರು. ಎಸ್.ಎಸ್.ಎಲ್.ಸಿ ಮತ್ತು ಪಿಯುಸಿ ಪರೀಕ್ಷೆಗಳಲ್ಲಿ ಹೆಚ್ಚಿನ ಅಂಕ ಗಳಿಸಿದ ಸಮಾಜದ ವಿದ್ಯಾರ್ಥಿಗಳನ್ನು ಸನ್ಮಾನಿಸಲಾಯಿತು. ಸರ್ಕಾರದ ಸೌಲಭ್ಯಗಳನ್ನು ಸಮರ್ಪಕವಾಗಿ ಬಳಸಿಕೊಂಡು ಸಮಾಜದ ಮಕ್ಕಳು ಉನ್ನತ ಹುದ್ದೆಗಳನ್ನು ಅಲಂಕರಿಸಬೇಕು. ಪೋಷಕರು ಹೆಣ್ಣು ಮಕ್ಕಳ ಶಿಕ್ಷಣಕ್ಕೆ ಹೆಚ್ಚಿನ ಆದ್ಯತೆ ನೀಡಬೇಕು ಎಂದು ಸಲಹೆ ನೀಡಿದರು. ಸಮಾಜದ ಹಿರಿಯ ಮುಖಂಡರು ಹಾಗೂ ಗ್ರಾಮಸ್ಥರು ಉಪಸ್ಥಿತರಿದ್ದರು.
ಮಡಿವಾಳ ಸಮಾಜದ ಮಕ್ಕಳು ಕಡ್ಡಾಯವಾಗಿ ವಿದ್ಯಾವಂತರಾಗಬೇಕು. ಶಿಕ್ಷಣದಿಂದ ಮಾತ್ರ ಸಮಾಜದ ಅಭಿವೃದ್ಧಿ ಸಾಧ್ಯ ಎಂದು ತಾಲೂಕು ಮಡಿವಾಳ ಸಂಘದ ಅಧ್ಯಕ್ಷರು ಹೇಳಿದರು. ಪಟ್ಟಣದಲ್ಲಿ ಹಮ್ಮಿಕೊಂಡಿದ್ದ ಮಡಿವಾಳ ಮಾಚಿದೇವರ ಜಯಂತಿ ಹಾಗೂ ಪ್ರತಿಭಾ ಪುರಸ್ಕಾರ ಸಮಾರಂಭದಲ್ಲಿ ಅವರು ಮಾತನಾಡಿದರು. ಎಸ್.ಎಸ್.ಎಲ್.ಸಿ ಮತ್ತು ಪಿಯುಸಿ ಪರೀಕ್ಷೆಗಳಲ್ಲಿ ಹೆಚ್ಚಿನ ಅಂಕ ಗಳಿಸಿದ ಸಮಾಜದ ವಿದ್ಯಾರ್ಥಿಗಳನ್ನು ಸನ್ಮಾನಿಸಲಾಯಿತು. ಸರ್ಕಾರದ ಸೌಲಭ್ಯಗಳನ್ನು ಸಮರ್ಪಕವಾಗಿ ಬಳಸಿಕೊಂಡು ಸಮಾಜದ ಮಕ್ಕಳು ಉನ್ನತ ಹುದ್ದೆಗಳನ್ನು ಅಲಂಕರಿಸಬೇಕು. ಪೋಷಕರು ಹೆಣ್ಣು ಮಕ್ಕಳ ಶಿಕ್ಷಣಕ್ಕೆ ಹೆಚ್ಚಿನ ಆದ್ಯತೆ ನೀಡಬೇಕು ಎಂದು ಸಲಹೆ ನೀಡಿದರು. ಸಮಾಜದ ಹಿರಿಯ ಮುಖಂಡರು ಹಾಗೂ ಗ್ರಾಮಸ್ಥರು ಉಪಸ್ಥಿತರಿದ್ದರು. ಮಡಿವಾಳ ಸಮಾಜದ ಮಕ್ಕಳು ಕಡ್ಡಾಯವಾಗಿ ವಿದ್ಯಾವಂತರಾಗಬೇಕು. ಶಿಕ್ಷಣದಿಂದ ಮಾತ್ರ ಸಮಾಜದ ಅಭಿವೃದ್ಧಿ ಸಾಧ್ಯ ಎಂದು ತಾಲೂಕು ಮಡಿವಾಳ ಸಂಘದ ಅಧ್ಯಕ್ಷರು ಹೇಳಿದರು. ಪಟ್ಟಣದಲ್ಲಿ ಹಮ್ಮಿಕೊಂಡಿದ್ದ ಮಡಿವಾಳ ಮಾಚಿದೇವರ ಜಯಂತಿ ಹಾಗೂ ಪ್ರತಿಭಾ ಪುರಸ್ಕಾರ ಸಮಾರಂಭದಲ್ಲಿ ಅವರು ಮಾತನಾಡಿದರು. ಎಸ್.ಎಸ್.ಎಲ್.ಸಿ ಮತ್ತು ಪಿಯುಸಿ ಪರೀಕ್ಷೆಗಳಲ್ಲಿ ಹೆಚ್ಚಿನ ಅಂಕ ಗಳಿಸಿದ ಸಮಾಜದ ವಿದ್ಯಾರ್ಥಿಗಳನ್ನು ಸನ್ಮಾನಿಸಲಾಯಿತು. ಸರ್ಕಾರದ ಸೌಲಭ್ಯಗಳನ್ನು ಸಮರ್ಪಕವಾಗಿ ಬಳಸಿಕೊಂಡು ಸಮಾಜದ ಮಕ್ಕಳು ಉನ್ನತ ಹುದ್ದೆಗಳನ್ನು ಅಲಂಕರಿಸಬೇಕು. ಪೋಷಕರು ಹೆಣ್ಣು ಮಕ್ಕಳ ಶಿಕ್ಷಣಕ್ಕೆ ಹೆಚ್ಚಿನ ಆದ್ಯತೆ ನೀಡಬೇಕು ಎಂದು ಸಲಹೆ ನೀಡಿದರು. ಸಮಾಜದ ಹಿರಿಯ ಮುಖಂಡರು ಹಾಗೂ ಗ್ರಾಮಸ್ಥರು ಉಪಸ್ಥಿತರಿದ್ದರು.
●●●●	●●●●	●●●●
